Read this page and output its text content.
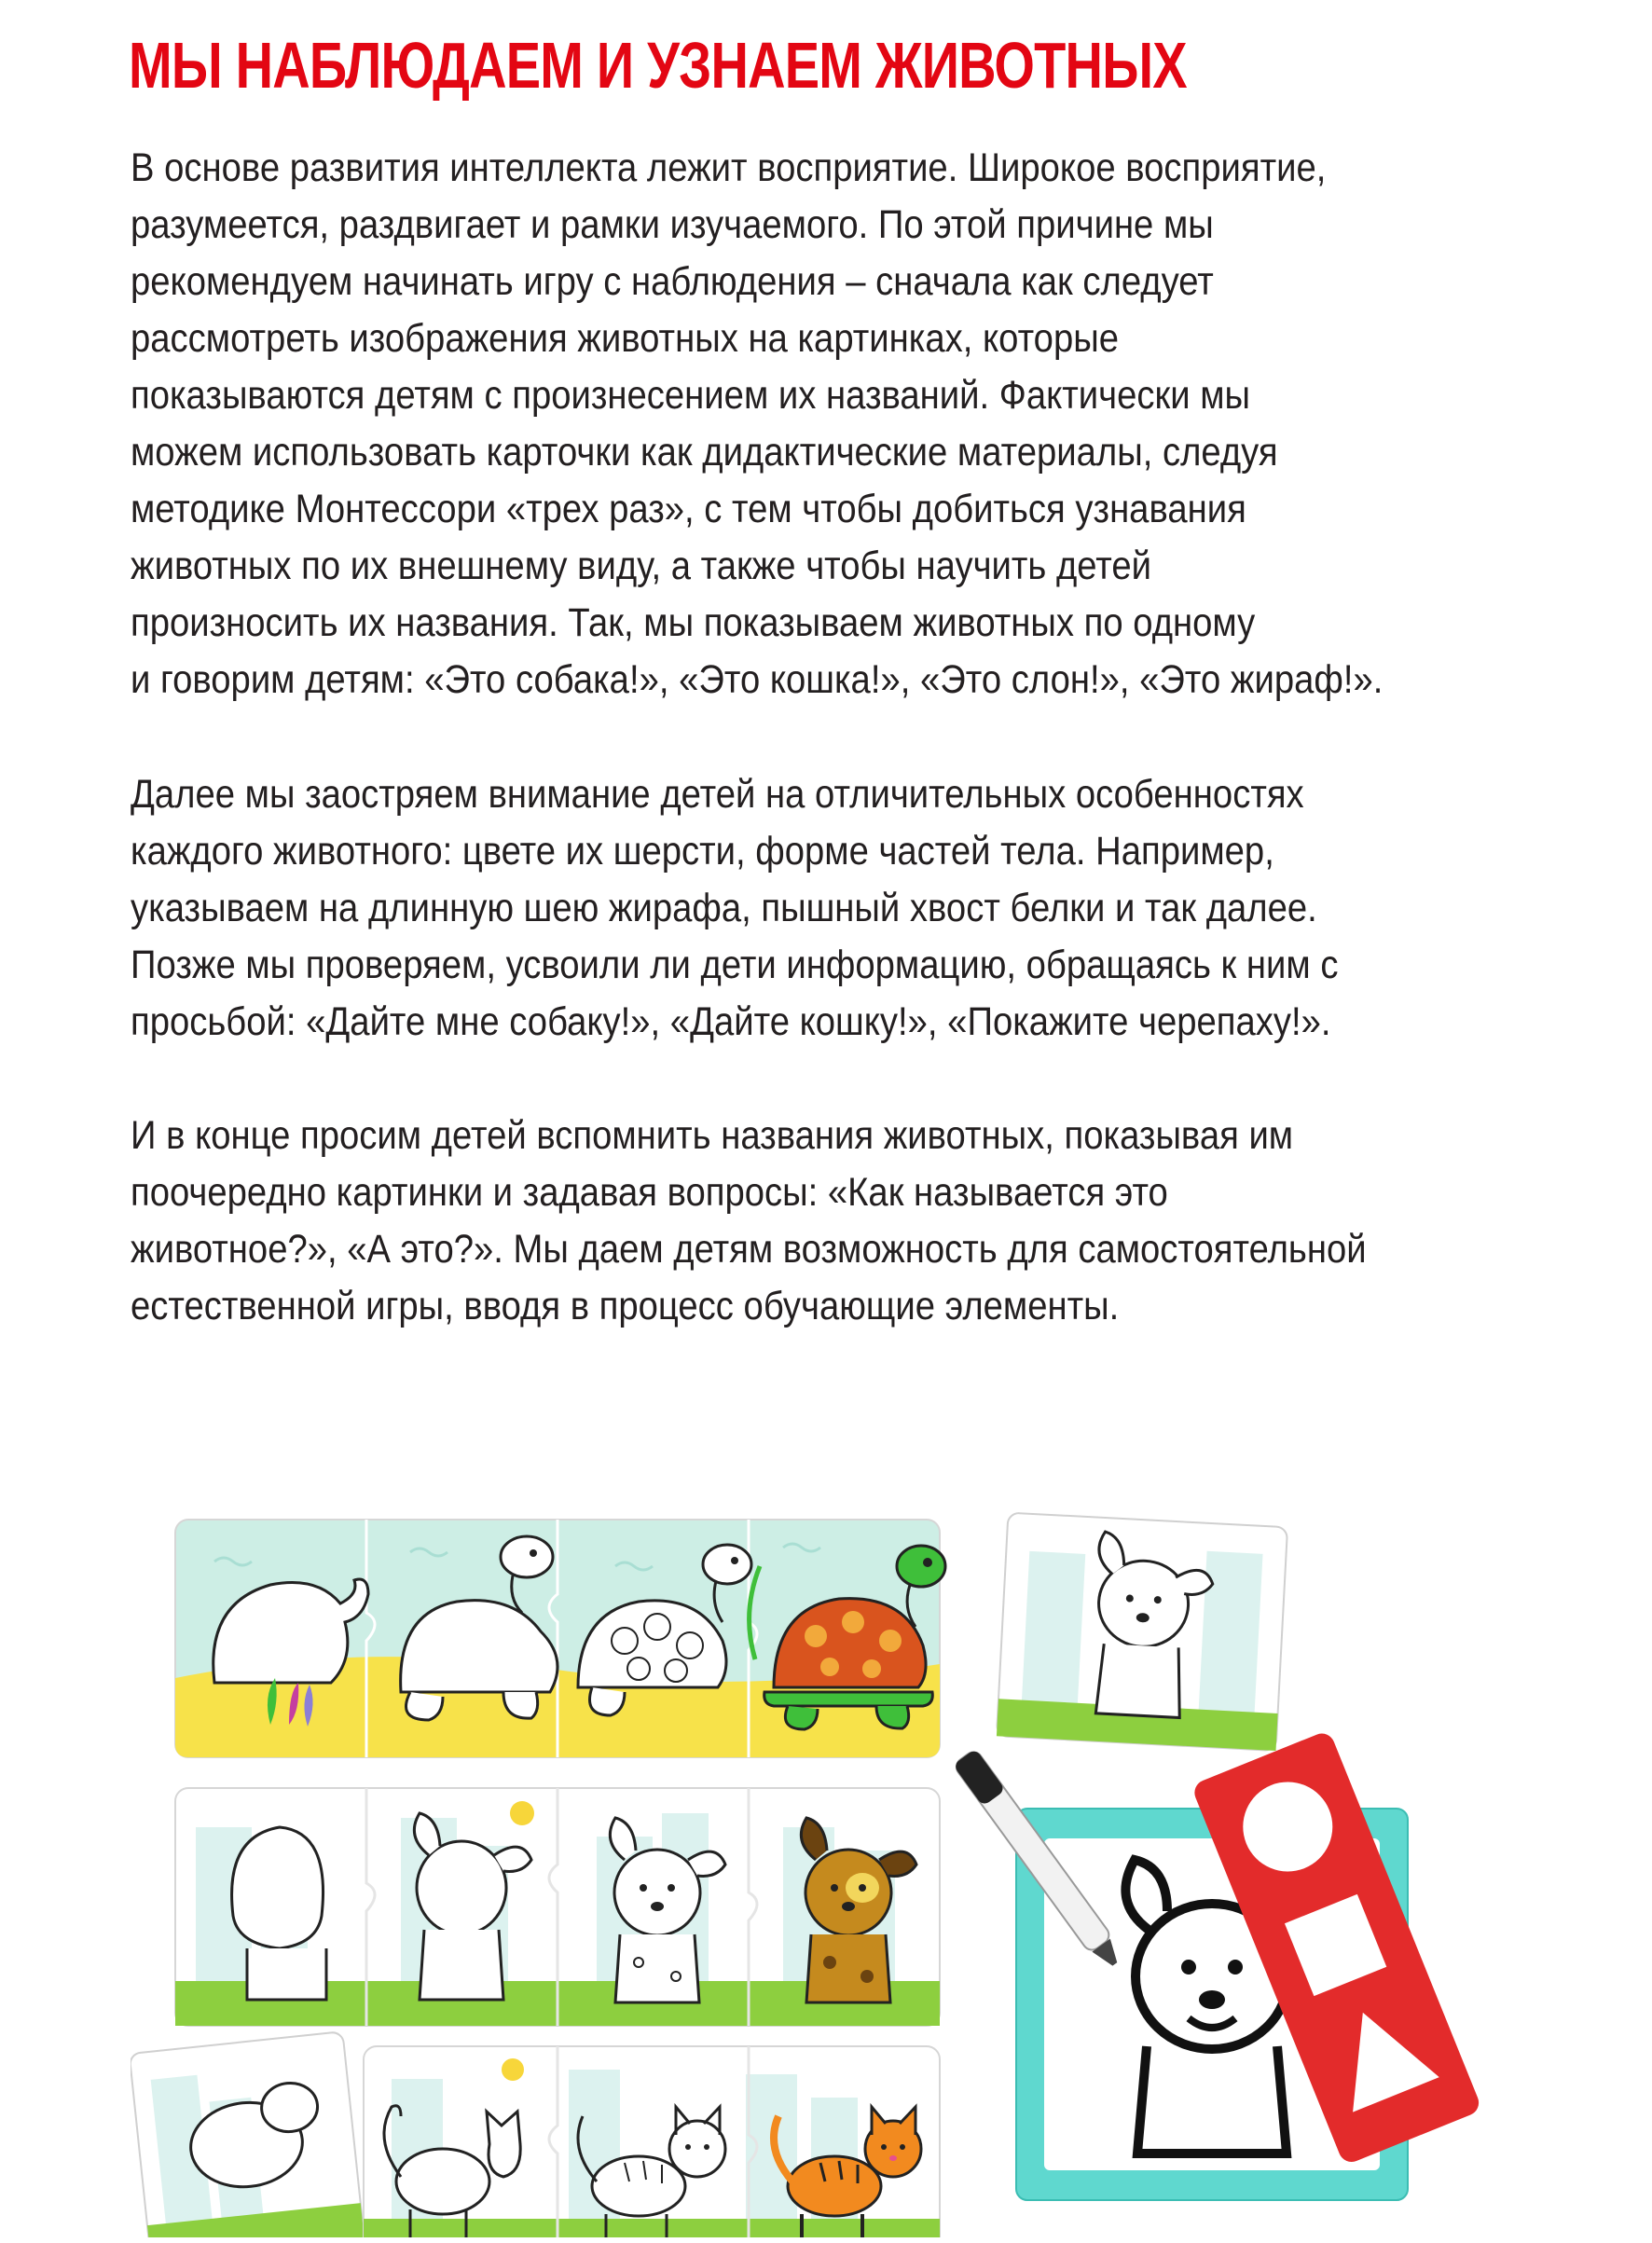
МЫ НАБЛЮДАЕМ И УЗНАЕМ ЖИВОТНЫХ

В основе развития интеллекта лежит восприятие. Широкое восприятие,
разумеется, раздвигает и рамки изучаемого. По этой причине мы
рекомендуем начинать игру с наблюдения – сначала как следует
рассмотреть изображения животных на картинках, которые
показываются детям с произнесением их названий. Фактически мы
можем использовать карточки как дидактические материалы, следуя
методике Монтессори «трех раз», с тем чтобы добиться узнавания
животных по их внешнему виду, а также чтобы научить детей
произносить их названия. Так, мы показываем животных по одному
и говорим детям: «Это собака!», «Это кошка!», «Это слон!», «Это жираф!».

Далее мы заостряем внимание детей на отличительных особенностях
каждого животного: цвете их шерсти, форме частей тела. Например,
указываем на длинную шею жирафа, пышный хвост белки и так далее.
Позже мы проверяем, усвоили ли дети информацию, обращаясь к ним с
просьбой: «Дайте мне собаку!», «Дайте кошку!», «Покажите черепаху!».

И в конце просим детей вспомнить названия животных, показывая им
поочередно картинки и задавая вопросы: «Как называется это
животное?», «А это?». Мы даем детям возможность для самостоятельной
естественной игры, вводя в процесс обучающие элементы.
